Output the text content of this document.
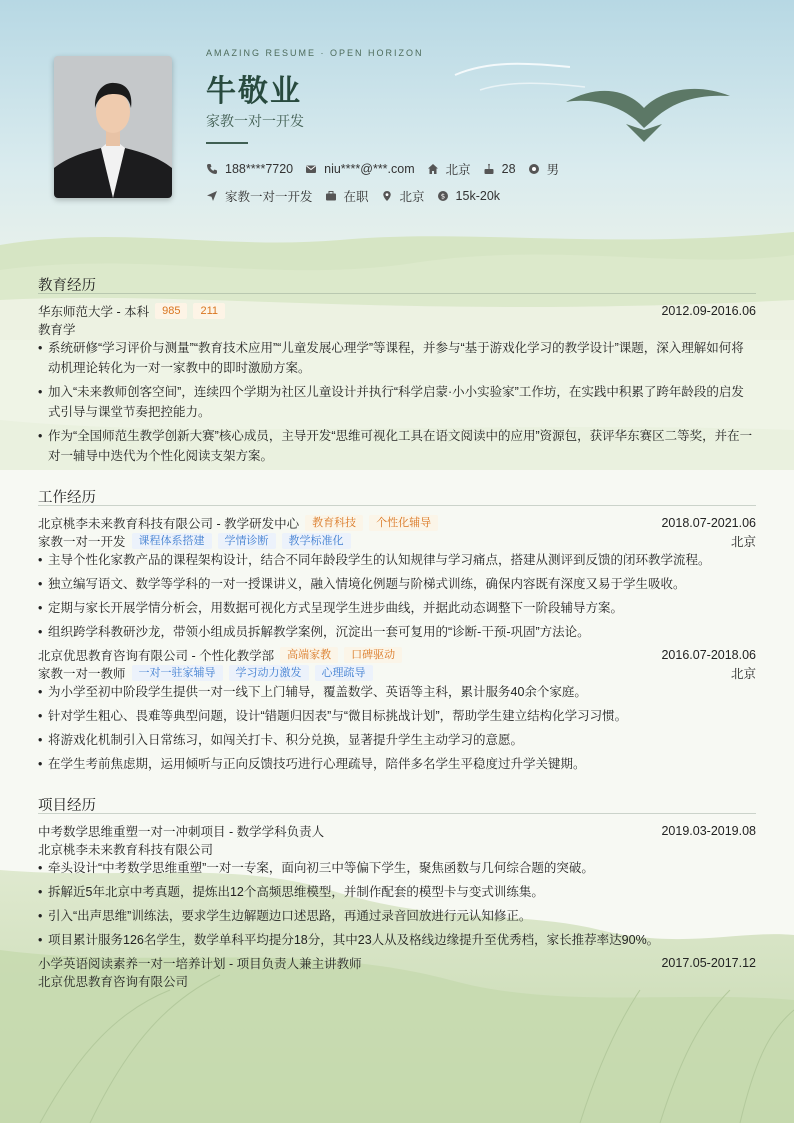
AMAZING RESUME · OPEN HORIZON
牛敬业
家教一对一开发
188****7720 niu****@***.com 北京 28 男
家教一对一开发 在职 北京 $ 15k-20k
教育经历
华东师范大学 - 本科	985	211	2012.09-2016.06
教育学
• 系统研修“学习评价与测量”“教育技术应用”“儿童发展心理学”等课程，并参与“基于游戏化学习的教学设计”课题，深入理解如何将动机理论转化为一对一家教中的即时激励方案。
• 加入“未来教师创客空间”，连续四个学期为社区儿童设计并执行“科学启蒙·小小实验家”工作坊，在实践中积累了跨年龄段的启发式引导与课堂节奏把控能力。
• 作为“全国师范生教学创新大赛”核心成员，主导开发“思维可视化工具在语文阅读中的应用”资源包，获评华东赛区二等奖，并在一对一辅导中迭代为个性化阅读支架方案。
工作经历
北京桃李未来教育科技有限公司 - 教学研发中心	教育科技	个性化辅导	2018.07-2021.06
家教一对一开发	课程体系搭建	学情诊断	教学标准化	北京
• 主导个性化家教产品的课程架构设计，结合不同年龄段学生的认知规律与学习痛点，搭建从测评到反馈的闭环教学流程。
• 独立编写语文、数学等学科的一对一授课讲义，融入情境化例题与阶梯式训练，确保内容既有深度又易于学生吸收。
• 定期与家长开展学情分析会，用数据可视化方式呈现学生进步曲线，并据此动态调整下一阶段辅导方案。
• 组织跨学科教研沙龙，带领小组成员拆解教学案例，沉淀出一套可复用的“诊断-干预-巩固”方法论。
北京优思教育咨询有限公司 - 个性化教学部	高端家教	口碑驱动	2016.07-2018.06
家教一对一教师	一对一驻家辅导	学习动力激发	心理疏导	北京
• 为小学至初中阶段学生提供一对一线下上门辅导，覆盖数学、英语等主科，累计服务40余个家庭。
• 针对学生粗心、畏难等典型问题，设计“错题归因表”与“微目标挑战计划”，帮助学生建立结构化学习习惯。
• 将游戏化机制引入日常练习，如闯关打卡、积分兑换，显著提升学生主动学习的意愿。
• 在学生考前焦虑期，运用倾听与正向反馈技巧进行心理疏导，陪伴多名学生平稳度过升学关键期。
项目经历
中考数学思维重塑一对一冲刺项目 - 数学学科负责人	2019.03-2019.08
北京桃李未来教育科技有限公司
• 牵头设计“中考数学思维重塑”一对一专案，面向初三中等偏下学生，聚焦函数与几何综合题的突破。
• 拆解近5年北京中考真题，提炼出12个高频思维模型，并制作配套的模型卡与变式训练集。
• 引入“出声思维”训练法，要求学生边解题边口述思路，再通过录音回放进行元认知修正。
• 项目累计服务126名学生，数学单科平均提分18分，其中23人从及格线边缘提升至优秀档，家长推荐率达90%。
小学英语阅读素养一对一培养计划 - 项目负责人兼主讲教师	2017.05-2017.12
北京优思教育咨询有限公司
